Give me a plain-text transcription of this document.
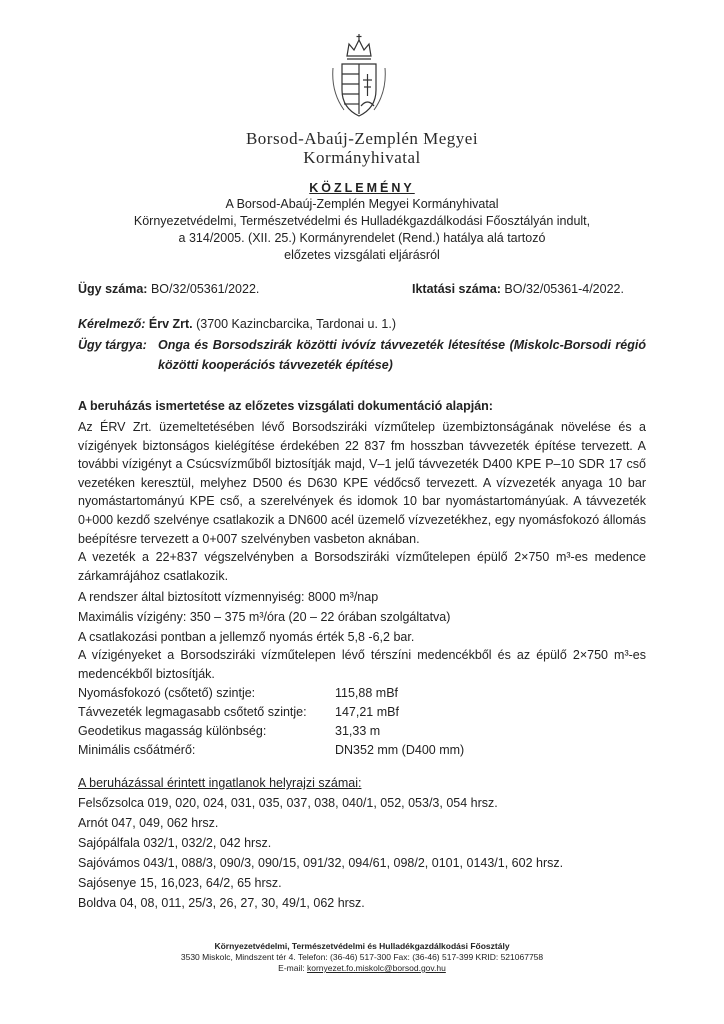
Borsod-Abaúj-Zemplén Megyei
Kormányhivatal
KÖZLEMÉNY
A Borsod-Abaúj-Zemplén Megyei Kormányhivatal
Környezetvédelmi, Természetvédelmi és Hulladékgazdálkodási Főosztályán indult,
a 314/2005. (XII. 25.) Kormányrendelet (Rend.) hatálya alá tartozó
előzetes vizsgálati eljárásról
Ügy száma: BO/32/05361/2022.	Iktatási száma: BO/32/05361-4/2022.
Kérelmező: Érv Zrt. (3700 Kazincbarcika, Tardonai u. 1.)
Ügy tárgya: Onga és Borsodszirák közötti ivóvíz távvezeték létesítése (Miskolc-Borsodi régió
közötti kooperációs távvezeték építése)
A beruházás ismertetése az előzetes vizsgálati dokumentáció alapján:
Az ÉRV Zrt. üzemeltetésében lévő Borsodsziráki vízműtelep üzembiztonságának növelése és a vízigények biztonságos kielégítése érdekében 22 837 fm hosszban távvezeték építése tervezett. A további vízigényt a Csúcsvízműből biztosítják majd, V–1 jelű távvezeték D400 KPE P–10 SDR 17 cső vezetéken keresztül, melyhez D500 és D630 KPE védőcső tervezett. A vízvezeték anyaga 10 bar nyomástartományú KPE cső, a szerelvények és idomok 10 bar nyomástartományúak. A távvezeték 0+000 kezdő szelvénye csatlakozik a DN600 acél üzemelő vízvezetékhez, egy nyomásfokozó állomás beépítésre tervezett a 0+007 szelvényben vasbeton aknában.
A vezeték a 22+837 végszelvényben a Borsodsziráki vízműtelepen épülő 2×750 m³-es medence zárkamrájához csatlakozik.
A rendszer által biztosított vízmennyiség: 8000 m³/nap
Maximális vízigény: 350 – 375 m³/óra (20 – 22 órában szolgáltatva)
A csatlakozási pontban a jellemző nyomás érték 5,8 -6,2 bar.
A vízigényeket a Borsodsziráki vízműtelepen lévő térszíni medencékből és az épülő 2×750 m³-es medencékből biztosítják.
Nyomásfokozó (csőtető) szintje:	115,88 mBf
Távvezeték legmagasabb csőtető szintje: 147,21 mBf
Geodetikus magasság különbség:	31,33 m
Minimális csőátmérő:	DN352 mm (D400 mm)
A beruházással érintett ingatlanok helyrajzi számai:
Felsőzsolca 019, 020, 024, 031, 035, 037, 038, 040/1, 052, 053/3, 054 hrsz.
Arnót 047, 049, 062 hrsz.
Sajópálfala 032/1, 032/2, 042 hrsz.
Sajóvámos 043/1, 088/3, 090/3, 090/15, 091/32, 094/61, 098/2, 0101, 0143/1, 602 hrsz.
Sajósenye 15, 16,023, 64/2, 65 hrsz.
Boldva 04, 08, 011, 25/3, 26, 27, 30, 49/1, 062 hrsz.
Környezetvédelmi, Természetvédelmi és Hulladékgazdálkodási Főosztály
3530 Miskolc, Mindszent tér 4. Telefon: (36-46) 517-300 Fax: (36-46) 517-399 KRID: 521067758
E-mail: kornyezet.fo.miskolc@borsod.gov.hu
